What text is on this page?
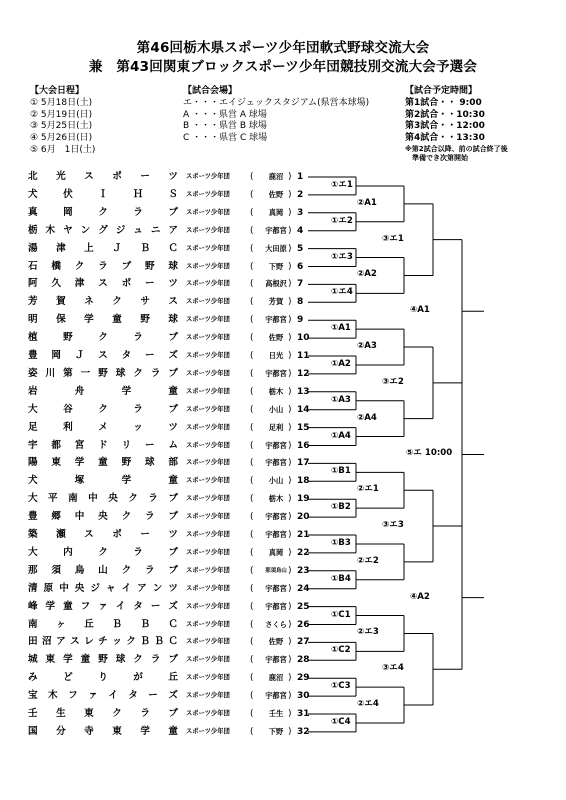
第46回栃木県スポーツ少年団軟式野球交流大会
兼　第43回関東ブロックスポーツ少年団競技別交流大会予選会
【大会日程】
① 5月18日(土)
② 5月19日(日)
③ 5月25日(土)
④ 5月26日(日)
⑤ 6月　1日(土)
【試合会場】
エ・・・エイジェックスタジアム(県営本球場)
A ・・・県営 A 球場
B ・・・県営 B 球場
C ・・・県営 C 球場
【試合予定時間】
第1試合・・ 9:00
第2試合・・10:30
第3試合・・12:00
第4試合・・13:30
※第2試合以降、前の試合終了後
　準備でき次第開始
北 光 ス ポ ー ツ スポーツ少年団 (	鹿沼 ) 1
犬	伏	Ｉ	Ｈ	Ｓ スポーツ少年団 (	佐野 ) 2
真	岡	ク	ラ	ブ スポーツ少年団 (	真岡 ) 3
栃 木 ヤ ン グ ジ ュ ニ ア スポーツ少年団 (	宇都宮 ) 4
湯 津 上 Ｊ Ｂ Ｃ スポーツ少年団 (	大田原 ) 5
石 橋 ク ラ ブ 野 球 スポーツ少年団 (	下野 ) 6
阿 久 津 ス ポ ー ツ スポーツ少年団 (	高根沢 ) 7
芳 賀 ネ ク サ ス スポーツ少年団 (	芳賀 ) 8
明 保 学 童 野 球 スポーツ少年団 (	宇都宮 ) 9
植	野	ク	ラ	ブ スポーツ少年団 (	佐野 ) 10
豊 岡 Ｊ ス タ ー ズ スポーツ少年団 (	日光 ) 11
姿 川 第 一 野 球 ク ラ ブ スポーツ少年団 (	宇都宮 ) 12
岩	舟	学	童 スポーツ少年団 (	栃木 ) 13
大	谷	ク	ラ	ブ スポーツ少年団 (	小山 ) 14
足	利	メ	ッ	ツ スポーツ少年団 (	足利 ) 15
宇 都 宮 ド リ ー ム スポーツ少年団 (	宇都宮 ) 16
陽 東 学 童 野 球 部 スポーツ少年団 (	宇都宮 ) 17
犬	塚	学	童 スポーツ少年団 (	小山 ) 18
大 平 南 中 央 ク ラ ブ スポーツ少年団 (	栃木 ) 19
豊 郷 中 央 ク ラ ブ スポーツ少年団 (	宇都宮 ) 20
築 瀬 ス ポ ー ツ スポーツ少年団 (	宇都宮 ) 21
大	内	ク	ラ	ブ スポーツ少年団 (	真岡 ) 22
那 須 烏 山 ク ラ ブ スポーツ少年団 (	那須烏山 ) 23
清 原 中 央 ジ ャ イ ア ン ツ スポーツ少年団 (	宇都宮 ) 24
峰 学 童 フ ァ イ タ ー ズ スポーツ少年団 (	宇都宮 ) 25
南 ヶ 丘 Ｂ Ｂ Ｃ スポーツ少年団 (	さくら ) 26
田 沼 ア ス レ チ ッ ク Ｂ Ｂ Ｃ スポーツ少年団 (	佐野 ) 27
城 東 学 童 野 球 ク ラ ブ スポーツ少年団 (	宇都宮 ) 28
み	ど	り	が	丘 スポーツ少年団 (	鹿沼 ) 29
宝 木 フ ァ イ タ ー ズ スポーツ少年団 (	宇都宮 ) 30
壬 生 東 ク ラ ブ スポーツ少年団 (	壬生 ) 31
国 分 寺 東 学 童 スポーツ少年団 (	下野 ) 32
①エ1
①エ2
①エ3
①エ4
①A1
①A2
①A3
①A4
①B1
①B2
①B3
①B4
①C1
①C2
①C3
①C4
②A1
②A2
②A3
②A4
②エ1
②エ2
②エ3
②エ4
③エ1
③エ2
③エ3
③エ4
④A1
④A2
⑤エ 10:00
